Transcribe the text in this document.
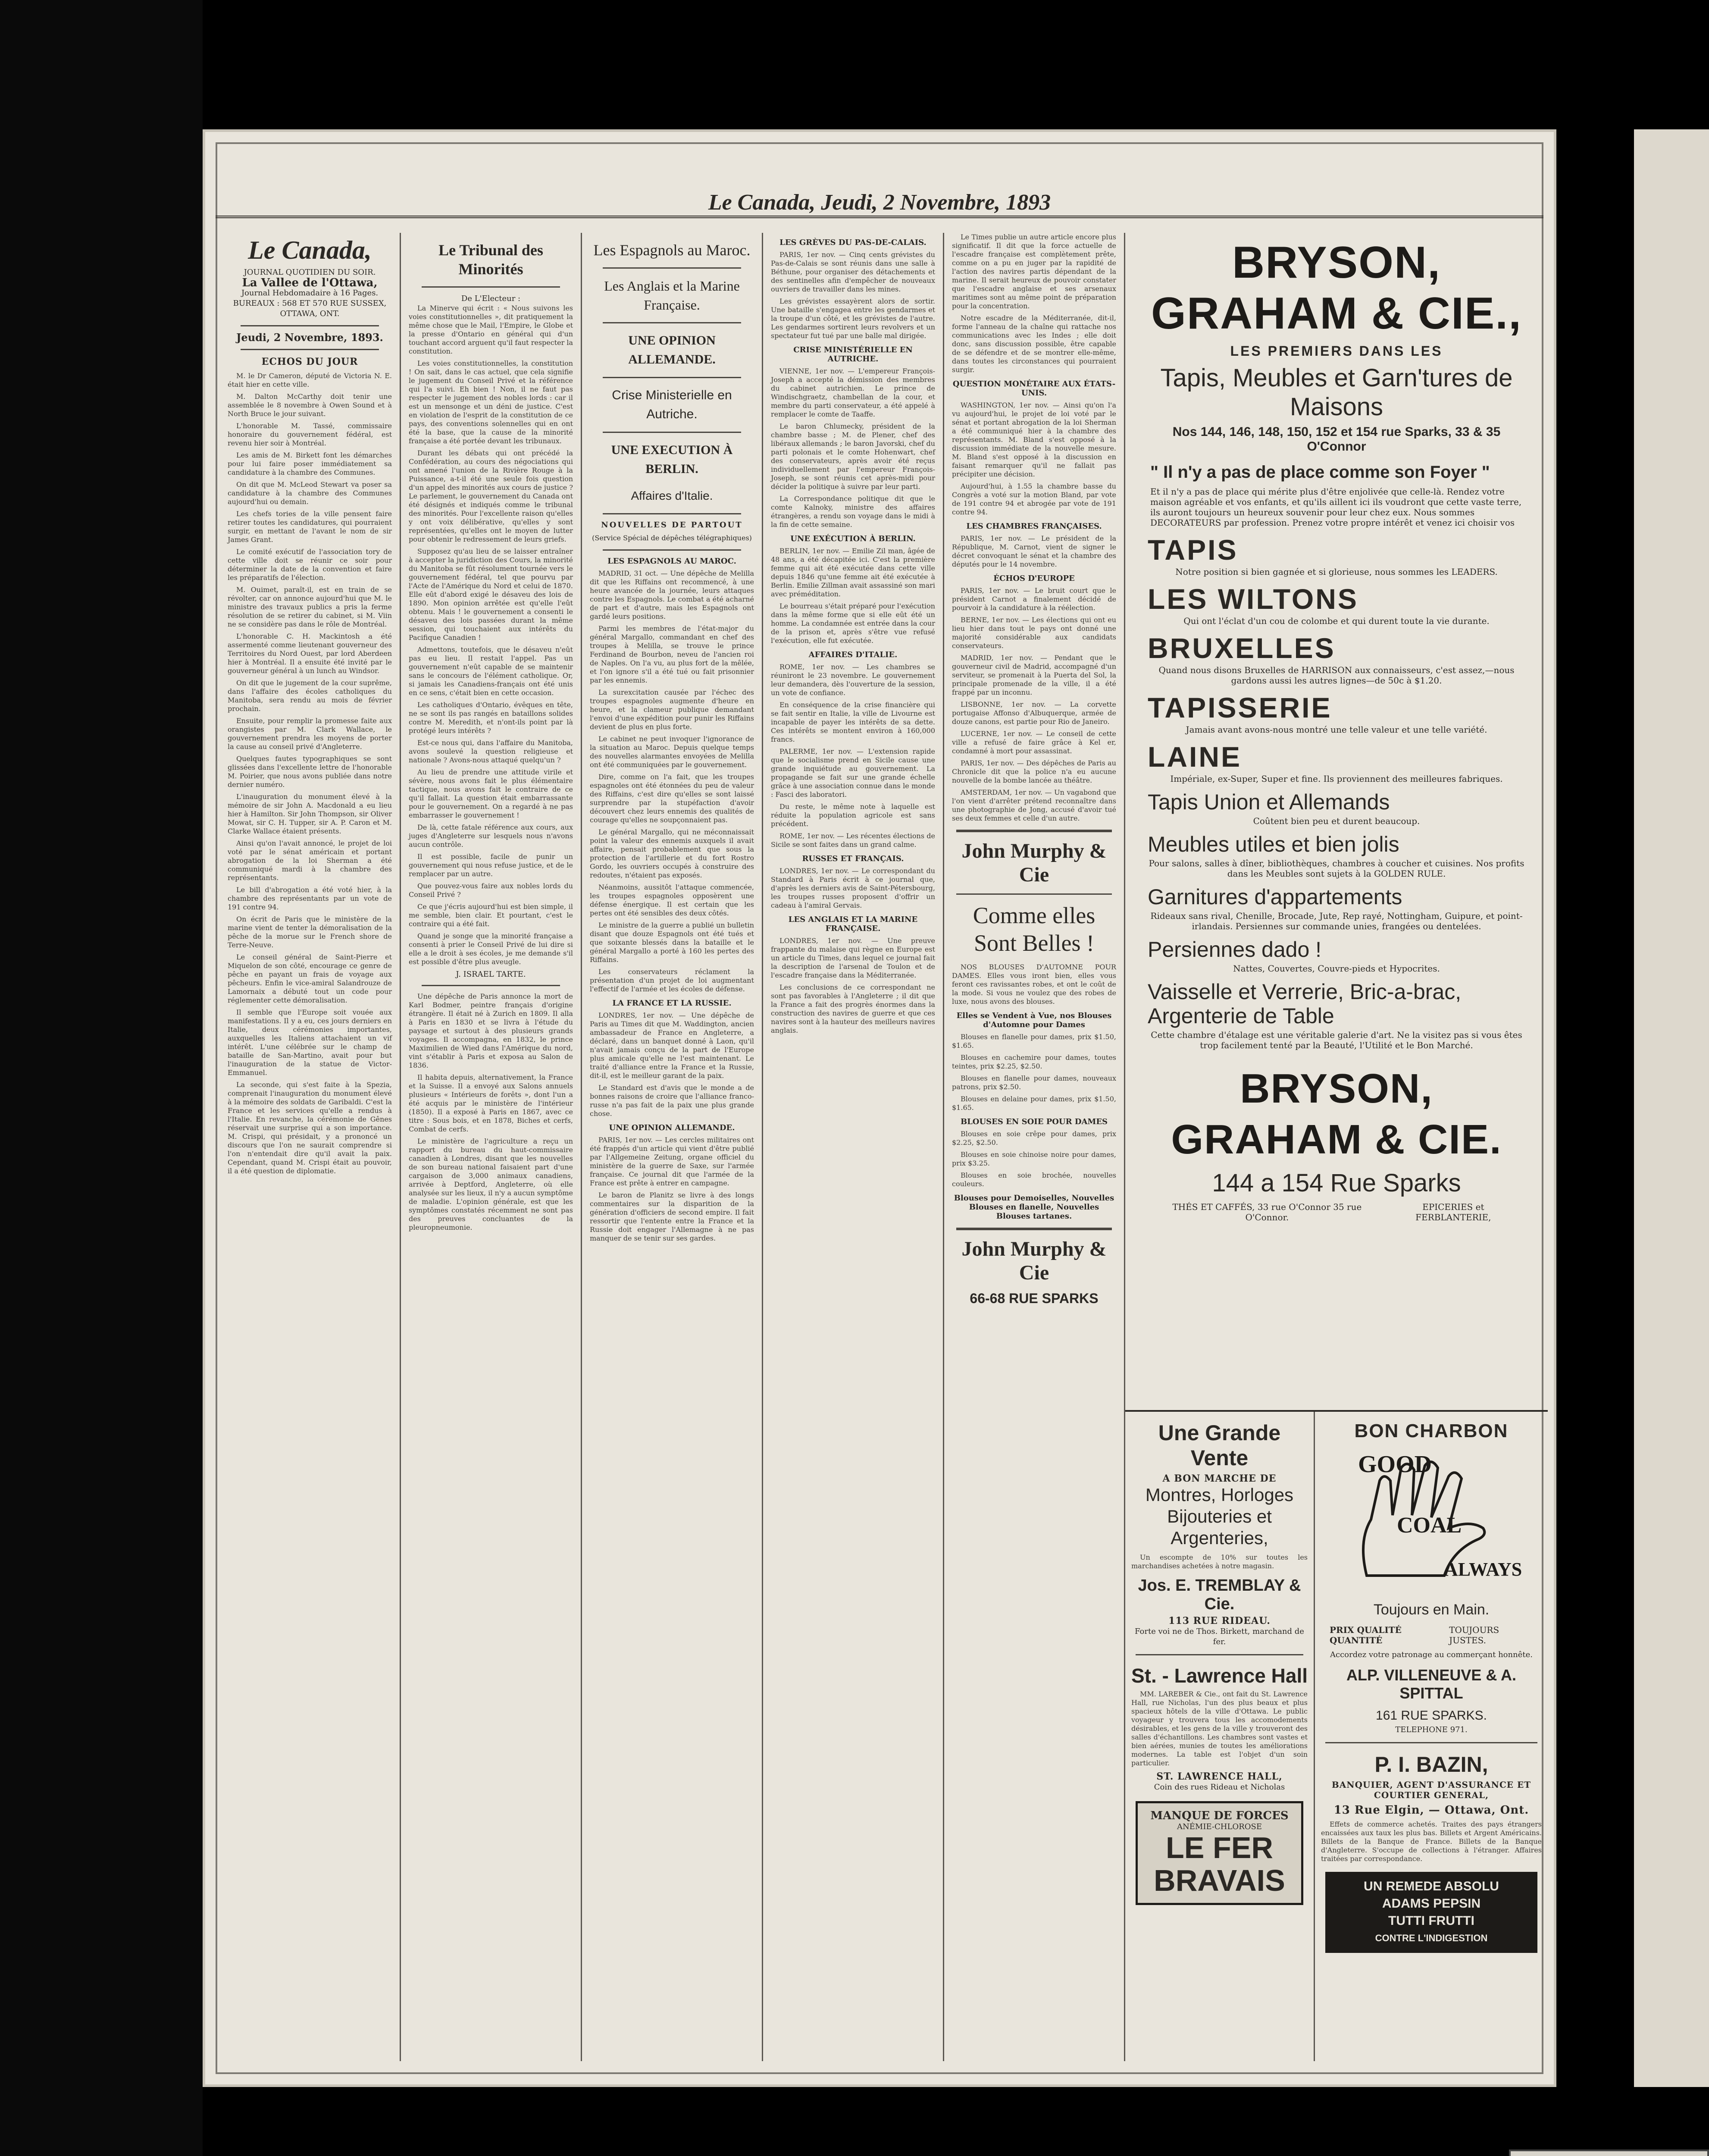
Le Canada, Jeudi, 2 Novembre, 1893
Le Canada,
JOURNAL QUOTIDIEN DU SOIR.
La Vallee de l'Ottawa,
Journal Hebdomadaire à 16 Pages.
BUREAUX : 568 ET 570 RUE SUSSEX, OTTAWA, ONT.
Jeudi, 2 Novembre, 1893.
ECHOS DU JOUR

M. le Dr Cameron, député de Victoria N. E. était hier en cette ville.

M. Dalton McCarthy doit tenir une assemblée le 8 novembre à Owen Sound et à North Bruce le jour suivant.

L'honorable M. Tassé, commissaire honoraire du gouvernement fédéral, est revenu hier soir à Montréal.

Les amis de M. Birkett font les démarches pour lui faire poser immédiatement sa candidature à la chambre des Communes.

On dit que M. McLeod Stewart va poser sa candidature à la chambre des Communes aujourd'hui ou demain.

Les chefs tories de la ville pensent faire retirer toutes les candidatures, qui pourraient surgir, en mettant de l'avant le nom de sir James Grant.

Le comité exécutif de l'association tory de cette ville doit se réunir ce soir pour déterminer la date de la convention et faire les préparatifs de l'élection.

M. Ouimet, paraît-il, est en train de se révolter, car on annonce aujourd'hui que M. le ministre des travaux publics a pris la ferme résolution de se retirer du cabinet, si M. Viin ne se considère pas dans le rôle de Montréal.

L'honorable C. H. Mackintosh a été assermenté comme lieutenant gouverneur des Territoires du Nord Ouest, par lord Aberdeen hier à Montréal. Il a ensuite été invité par le gouverneur général à un lunch au Windsor.

On dit que le jugement de la cour suprême, dans l'affaire des écoles catholiques du Manitoba, sera rendu au mois de février prochain.

Ensuite, pour remplir la promesse faite aux orangistes par M. Clark Wallace, le gouvernement prendra les moyens de porter la cause au conseil privé d'Angleterre.

Quelques fautes typographiques se sont glissées dans l'excellente lettre de l'honorable M. Poirier, que nous avons publiée dans notre dernier numéro.

L'inauguration du monument élevé à la mémoire de sir John A. Macdonald a eu lieu hier à Hamilton. Sir John Thompson, sir Oliver Mowat, sir C. H. Tupper, sir A. P. Caron et M. Clarke Wallace étaient présents.

Ainsi qu'on l'avait annoncé, le projet de loi voté par le sénat américain et portant abrogation de la loi Sherman a été communiqué mardi à la chambre des représentants.

Le bill d'abrogation a été voté hier, à la chambre des représentants par un vote de 191 contre 94.

On écrit de Paris que le ministère de la marine vient de tenter la démoralisation de la pêche de la morue sur le French shore de Terre-Neuve.

Le conseil général de Saint-Pierre et Miquelon de son côté, encourage ce genre de pêche en payant un frais de voyage aux pêcheurs. Enfin le vice-amiral Salandrouze de Lamornaix a débuté tout un code pour réglementer cette démoralisation.

Il semble que l'Europe soit vouée aux manifestations. Il y a eu, ces jours derniers en Italie, deux cérémonies importantes, auxquelles les Italiens attachaient un vif intérêt. L'une célébrée sur le champ de bataille de San-Martino, avait pour but l'inauguration de la statue de Victor-Emmanuel.

La seconde, qui s'est faite à la Spezia, comprenait l'inauguration du monument élevé à la mémoire des soldats de Garibaldi. C'est la France et les services qu'elle a rendus à l'Italie. En revanche, la cérémonie de Gênes réservait une surprise qui a son importance. M. Crispi, qui présidait, y a prononcé un discours que l'on ne saurait comprendre si l'on n'entendait dire qu'il avait la paix. Cependant, quand M. Crispi était au pouvoir, il a été question de diplomatie.

Le Tribunal des Minorités
De L'Electeur :

La Minerve qui écrit : « Nous suivons les voies constitutionnelles », dit pratiquement la même chose que le Mail, l'Empire, le Globe et la presse d'Ontario en général qui d'un touchant accord arguent qu'il faut respecter la constitution.

Les voies constitutionnelles, la constitution ! On sait, dans le cas actuel, que cela signifie le jugement du Conseil Privé et la référence qui l'a suivi. Eh bien ! Non, il ne faut pas respecter le jugement des nobles lords : car il est un mensonge et un déni de justice. C'est en violation de l'esprit de la constitution de ce pays, des conventions solennelles qui en ont été la base, que la cause de la minorité française a été portée devant les tribunaux.

Durant les débats qui ont précédé la Confédération, au cours des négociations qui ont amené l'union de la Rivière Rouge à la Puissance, a-t-il été une seule fois question d'un appel des minorités aux cours de justice ? Le parlement, le gouvernement du Canada ont été désignés et indiqués comme le tribunal des minorités. Pour l'excellente raison qu'elles y ont voix délibérative, qu'elles y sont représentées, qu'elles ont le moyen de lutter pour obtenir le redressement de leurs griefs.

Supposez qu'au lieu de se laisser entraîner à accepter la juridiction des Cours, la minorité du Manitoba se fût résolument tournée vers le gouvernement fédéral, tel que pourvu par l'Acte de l'Amérique du Nord et celui de 1870. Elle eût d'abord exigé le désaveu des lois de 1890. Mon opinion arrêtée est qu'elle l'eût obtenu. Mais ! le gouvernement a consenti le désaveu des lois passées durant la même session, qui touchaient aux intérêts du Pacifique Canadien !

Admettons, toutefois, que le désaveu n'eût pas eu lieu. Il restait l'appel. Pas un gouvernement n'eût capable de se maintenir sans le concours de l'élément catholique. Or, si jamais les Canadiens-français ont été unis en ce sens, c'était bien en cette occasion.

Les catholiques d'Ontario, évêques en tête, ne se sont ils pas rangés en bataillons solides contre M. Meredith, et n'ont-ils point par là protégé leurs intérêts ?

Est-ce nous qui, dans l'affaire du Manitoba, avons soulevé la question religieuse et nationale ? Avons-nous attaqué quelqu'un ?

Au lieu de prendre une attitude virile et sévère, nous avons fait le plus élémentaire tactique, nous avons fait le contraire de ce qu'il fallait. La question était embarrassante pour le gouvernement. On a regardé à ne pas embarrasser le gouvernement !

De là, cette fatale référence aux cours, aux juges d'Angleterre sur lesquels nous n'avons aucun contrôle.

Il est possible, facile de punir un gouvernement qui nous refuse justice, et de le remplacer par un autre.

Que pouvez-vous faire aux nobles lords du Conseil Privé ?

Ce que j'écris aujourd'hui est bien simple, il me semble, bien clair. Et pourtant, c'est le contraire qui a été fait.

Quand je songe que la minorité française a consenti à prier le Conseil Privé de lui dire si elle a le droit à ses écoles, je me demande s'il est possible d'être plus aveugle.

J. ISRAEL TARTE.

Une dépêche de Paris annonce la mort de Karl Bodmer, peintre français d'origine étrangère. Il était né à Zurich en 1809. Il alla à Paris en 1830 et se livra à l'étude du paysage et surtout à des plusieurs grands voyages. Il accompagna, en 1832, le prince Maximilien de Wied dans l'Amérique du nord, vint s'établir à Paris et exposa au Salon de 1836.

Il habita depuis, alternativement, la France et la Suisse. Il a envoyé aux Salons annuels plusieurs « Intérieurs de forêts », dont l'un a été acquis par le ministère de l'intérieur (1850). Il a exposé à Paris en 1867, avec ce titre : Sous bois, et en 1878, Biches et cerfs, Combat de cerfs.

Le ministère de l'agriculture a reçu un rapport du bureau du haut-commissaire canadien à Londres, disant que les nouvelles de son bureau national faisaient part d'une cargaison de 3,000 animaux canadiens, arrivée à Deptford, Angleterre, où elle analysée sur les lieux, il n'y a aucun symptôme de maladie. L'opinion générale, est que les symptômes constatés récemment ne sont pas des preuves concluantes de la pleuropneumonie.

Les Espagnols au Maroc.
Les Anglais et la Marine Française.
UNE OPINION ALLEMANDE.
Crise Ministerielle en Autriche.
UNE EXECUTION À BERLIN.
Affaires d'Italie.
NOUVELLES DE PARTOUT
(Service Spécial de dépêches télégraphiques)
LES ESPAGNOLS AU MAROC.

MADRID, 31 oct. — Une dépêche de Melilla dit que les Riffains ont recommencé, à une heure avancée de la journée, leurs attaques contre les Espagnols. Le combat a été acharné de part et d'autre, mais les Espagnols ont gardé leurs positions.

Parmi les membres de l'état-major du général Margallo, commandant en chef des troupes à Melilla, se trouve le prince Ferdinand de Bourbon, neveu de l'ancien roi de Naples. On l'a vu, au plus fort de la mêlée, et l'on ignore s'il a été tué ou fait prisonnier par les ennemis.

La surexcitation causée par l'échec des troupes espagnoles augmente d'heure en heure, et la clameur publique demandant l'envoi d'une expédition pour punir les Riffains devient de plus en plus forte.

Le cabinet ne peut invoquer l'ignorance de la situation au Maroc. Depuis quelque temps des nouvelles alarmantes envoyées de Melilla ont été communiquées par le gouvernement.

Dire, comme on l'a fait, que les troupes espagnoles ont été étonnées du peu de valeur des Riffains, c'est dire qu'elles se sont laissé surprendre par la stupéfaction d'avoir découvert chez leurs ennemis des qualités de courage qu'elles ne soupçonnaient pas.

Le général Margallo, qui ne méconnaissait point la valeur des ennemis auxquels il avait affaire, pensait probablement que sous la protection de l'artillerie et du fort Rostro Gordo, les ouvriers occupés à construire des redoutes, n'étaient pas exposés.

Néanmoins, aussitôt l'attaque commencée, les troupes espagnoles opposèrent une défense énergique. Il est certain que les pertes ont été sensibles des deux côtés.

Le ministre de la guerre a publié un bulletin disant que douze Espagnols ont été tués et que soixante blessés dans la bataille et le général Margallo a porté à 160 les pertes des Riffains.

Les conservateurs réclament la présentation d'un projet de loi augmentant l'effectif de l'armée et les écoles de défense.

LA FRANCE ET LA RUSSIE.

LONDRES, 1er nov. — Une dépêche de Paris au Times dit que M. Waddington, ancien ambassadeur de France en Angleterre, a déclaré, dans un banquet donné à Laon, qu'il n'avait jamais conçu de la part de l'Europe plus amicale qu'elle ne l'est maintenant. Le traité d'alliance entre la France et la Russie, dit-il, est le meilleur garant de la paix.

Le Standard est d'avis que le monde a de bonnes raisons de croire que l'alliance franco-russe n'a pas fait de la paix une plus grande chose.

UNE OPINION ALLEMANDE.

PARIS, 1er nov. — Les cercles militaires ont été frappés d'un article qui vient d'être publié par l'Allgemeine Zeitung, organe officiel du ministère de la guerre de Saxe, sur l'armée française. Ce journal dit que l'armée de la France est prête à entrer en campagne.

Le baron de Planitz se livre à des longs commentaires sur la disparition de la génération d'officiers de second empire. Il fait ressortir que l'entente entre la France et la Russie doit engager l'Allemagne à ne pas manquer de se tenir sur ses gardes.

LES GRÈVES DU PAS-DE-CALAIS.

PARIS, 1er nov. — Cinq cents grévistes du Pas-de-Calais se sont réunis dans une salle à Béthune, pour organiser des détachements et des sentinelles afin d'empêcher de nouveaux ouvriers de travailler dans les mines.

Les grévistes essayèrent alors de sortir. Une bataille s'engagea entre les gendarmes et la troupe d'un côté, et les grévistes de l'autre. Les gendarmes sortirent leurs revolvers et un spectateur fut tué par une balle mal dirigée.

CRISE MINISTÉRIELLE EN AUTRICHE.

VIENNE, 1er nov. — L'empereur François-Joseph a accepté la démission des membres du cabinet autrichien. Le prince de Windischgraetz, chambellan de la cour, et membre du parti conservateur, a été appelé à remplacer le comte de Taaffe.

Le baron Chlumecky, président de la chambre basse ; M. de Plener, chef des libéraux allemands ; le baron Javorski, chef du parti polonais et le comte Hohenwart, chef des conservateurs, après avoir été reçus individuellement par l'empereur François-Joseph, se sont réunis cet après-midi pour décider la politique à suivre par leur parti.

La Correspondance politique dit que le comte Kalnoky, ministre des affaires étrangères, a rendu son voyage dans le midi à la fin de cette semaine.

UNE EXÉCUTION À BERLIN.

BERLIN, 1er nov. — Emilie Zil man, âgée de 48 ans, a été décapitée ici. C'est la première femme qui ait été exécutée dans cette ville depuis 1846 qu'une femme ait été exécutée à Berlin. Emilie Zillman avait assassiné son mari avec préméditation.

Le bourreau s'était préparé pour l'exécution dans la même forme que si elle eût été un homme. La condamnée est entrée dans la cour de la prison et, après s'être vue refusé l'exécution, elle fut exécutée.

AFFAIRES D'ITALIE.

ROME, 1er nov. — Les chambres se réuniront le 23 novembre. Le gouvernement leur demandera, dès l'ouverture de la session, un vote de confiance.

En conséquence de la crise financière qui se fait sentir en Italie, la ville de Livourne est incapable de payer les intérêts de sa dette. Ces intérêts se montent environ à 160,000 francs.

PALERME, 1er nov. — L'extension rapide que le socialisme prend en Sicile cause une grande inquiétude au gouvernement. La propagande se fait sur une grande échelle grâce à une association connue dans le monde : Fasci des laboratori.

Du reste, le même note à laquelle est réduite la population agricole est sans précédent.

ROME, 1er nov. — Les récentes élections de Sicile se sont faites dans un grand calme.

RUSSES ET FRANÇAIS.

LONDRES, 1er nov. — Le correspondant du Standard à Paris écrit à ce journal que, d'après les derniers avis de Saint-Pétersbourg, les troupes russes proposent d'offrir un cadeau à l'amiral Gervais.

LES ANGLAIS ET LA MARINE FRANÇAISE.

LONDRES, 1er nov. — Une preuve frappante du malaise qui règne en Europe est un article du Times, dans lequel ce journal fait la description de l'arsenal de Toulon et de l'escadre française dans la Méditerranée.

Les conclusions de ce correspondant ne sont pas favorables à l'Angleterre ; il dit que la France a fait des progrès énormes dans la construction des navires de guerre et que ces navires sont à la hauteur des meilleurs navires anglais.

Le Times publie un autre article encore plus significatif. Il dit que la force actuelle de l'escadre française est complètement prête, comme on a pu en juger par la rapidité de l'action des navires partis dépendant de la marine. Il serait heureux de pouvoir constater que l'escadre anglaise et ses arsenaux maritimes sont au même point de préparation pour la concentration.

Notre escadre de la Méditerranée, dit-il, forme l'anneau de la chaîne qui rattache nos communications avec les Indes ; elle doit donc, sans discussion possible, être capable de se défendre et de se montrer elle-même, dans toutes les circonstances qui pourraient surgir.

QUESTION MONÉTAIRE AUX ÉTATS-UNIS.

WASHINGTON, 1er nov. — Ainsi qu'on l'a vu aujourd'hui, le projet de loi voté par le sénat et portant abrogation de la loi Sherman a été communiqué hier à la chambre des représentants. M. Bland s'est opposé à la discussion immédiate de la nouvelle mesure. M. Bland s'est opposé à la discussion en faisant remarquer qu'il ne fallait pas précipiter une décision.

Aujourd'hui, à 1.55 la chambre basse du Congrès a voté sur la motion Bland, par vote de 191 contre 94 et abrogée par vote de 191 contre 94.

LES CHAMBRES FRANÇAISES.

PARIS, 1er nov. — Le président de la République, M. Carnot, vient de signer le décret convoquant le sénat et la chambre des députés pour le 14 novembre.

ÉCHOS D'EUROPE

PARIS, 1er nov. — Le bruit court que le président Carnot a finalement décidé de pourvoir à la candidature à la réélection.

BERNE, 1er nov. — Les élections qui ont eu lieu hier dans tout le pays ont donné une majorité considérable aux candidats conservateurs.

MADRID, 1er nov. — Pendant que le gouverneur civil de Madrid, accompagné d'un serviteur, se promenait à la Puerta del Sol, la principale promenade de la ville, il a été frappé par un inconnu.

LISBONNE, 1er nov. — La corvette portugaise Affonso d'Albuquerque, armée de douze canons, est partie pour Rio de Janeiro.

LUCERNE, 1er nov. — Le conseil de cette ville a refusé de faire grâce à Kel er, condamné à mort pour assassinat.

PARIS, 1er nov. — Des dépêches de Paris au Chronicle dit que la police n'a eu aucune nouvelle de la bombe lancée au théâtre.

AMSTERDAM, 1er nov. — Un vagabond que l'on vient d'arrêter prétend reconnaître dans une photographie de Jong, accusé d'avoir tué ses deux femmes et celle d'un autre.

John Murphy & Cie
Comme elles Sont Belles !

NOS BLOUSES D'AUTOMNE POUR DAMES. Elles vous iront bien, elles vous feront ces ravissantes robes, et ont le coût de la mode. Si vous ne voulez que des robes de luxe, nous avons des blouses.

Elles se Vendent à Vue, nos Blouses d'Automne pour Dames

Blouses en flanelle pour dames, prix $1.50, $1.65.

Blouses en cachemire pour dames, toutes teintes, prix $2.25, $2.50.

Blouses en flanelle pour dames, nouveaux patrons, prix $2.50.

Blouses en delaine pour dames, prix $1.50, $1.65.

BLOUSES EN SOIE POUR DAMES

Blouses en soie crêpe pour dames, prix $2.25, $2.50.

Blouses en soie chinoise noire pour dames, prix $3.25.

Blouses en soie brochée, nouvelles couleurs.

Blouses pour Demoiselles, Nouvelles Blouses en flanelle, Nouvelles Blouses tartanes.
John Murphy & Cie
66-68 RUE SPARKS
BRYSON, GRAHAM & CIE.,
LES PREMIERS DANS LES
Tapis, Meubles et Garn'tures de Maisons
Nos 144, 146, 148, 150, 152 et 154 rue Sparks, 33 & 35 O'Connor
" Il n'y a pas de place comme son Foyer "
Et il n'y a pas de place qui mérite plus d'être enjolivée que celle-là. Rendez votre maison agréable et vos enfants, et qu'ils aillent ici ils voudront que cette vaste terre, ils auront toujours un heureux souvenir pour leur chez eux. Nous sommes DECORATEURS par profession. Prenez votre propre intérêt et venez ici choisir vos
TAPIS
Notre position si bien gagnée et si glorieuse, nous sommes les LEADERS.
LES WILTONS
Qui ont l'éclat d'un cou de colombe et qui durent toute la vie durante.
BRUXELLES
Quand nous disons Bruxelles de HARRISON aux connaisseurs, c'est assez,—nous gardons aussi les autres lignes—de 50c à $1.20.
TAPISSERIE
Jamais avant avons-nous montré une telle valeur et une telle variété.
LAINE
Impériale, ex-Super, Super et fine. Ils proviennent des meilleures fabriques.
Tapis Union et Allemands
Coûtent bien peu et durent beaucoup.
Meubles utiles et bien jolis
Pour salons, salles à dîner, bibliothèques, chambres à coucher et cuisines. Nos profits dans les Meubles sont sujets à la GOLDEN RULE.
Garnitures d'appartements
Rideaux sans rival, Chenille, Brocade, Jute, Rep rayé, Nottingham, Guipure, et point-irlandais. Persiennes sur commande unies, frangées ou dentelées.
Persiennes dado !
Nattes, Couvertes, Couvre-pieds et Hypocrites.
Vaisselle et Verrerie, Bric-a-brac, Argenterie de Table
Cette chambre d'étalage est une véritable galerie d'art. Ne la visitez pas si vous êtes trop facilement tenté par la Beauté, l'Utilité et le Bon Marché.
BRYSON, GRAHAM & CIE.
144 a 154 Rue Sparks
THÉS ET CAFFÉS, 33 rue O'Connor 35 rue O'Connor.
EPICERIES et FERBLANTERIE,
Une Grande Vente
A BON MARCHE DE
Montres, Horloges Bijouteries et Argenteries,

Un escompte de 10% sur toutes les marchandises achetées à notre magasin.

Jos. E. TREMBLAY & Cie.
113 RUE RIDEAU.
Forte voi ne de Thos. Birkett, marchand de fer.
St. - Lawrence Hall

MM. LAREBER & Cie., ont fait du St. Lawrence Hall, rue Nicholas, l'un des plus beaux et plus spacieux hôtels de la ville d'Ottawa. Le public voyageur y trouvera tous les accomodements désirables, et les gens de la ville y trouveront des salles d'échantillons. Les chambres sont vastes et bien aérées, munies de toutes les améliorations modernes. La table est l'objet d'un soin particulier.

ST. LAWRENCE HALL,
Coin des rues Rideau et Nicholas
MANQUE DE FORCES
ANÉMIE-CHLOROSE
LE FER
BRAVAIS
BON CHARBON
GOOD
COAL
ALWAYS
Toujours en Main.
PRIX QUALITÉ QUANTITÉ
TOUJOURS JUSTES.
Accordez votre patronage au commerçant honnête.
ALP. VILLENEUVE & A. SPITTAL
161 RUE SPARKS.
TELEPHONE 971.
P. I. BAZIN,
BANQUIER, AGENT D'ASSURANCE ET COURTIER GENERAL,
13 Rue Elgin, — Ottawa, Ont.

Effets de commerce achetés. Traites des pays étrangers encaissées aux taux les plus bas. Billets et Argent Américains. Billets de la Banque de France. Billets de la Banque d'Angleterre. S'occupe de collections à l'étranger. Affaires traitées par correspondance.

UN REMEDE ABSOLU
ADAMS PEPSIN
TUTTI FRUTTI
CONTRE L'INDIGESTION
